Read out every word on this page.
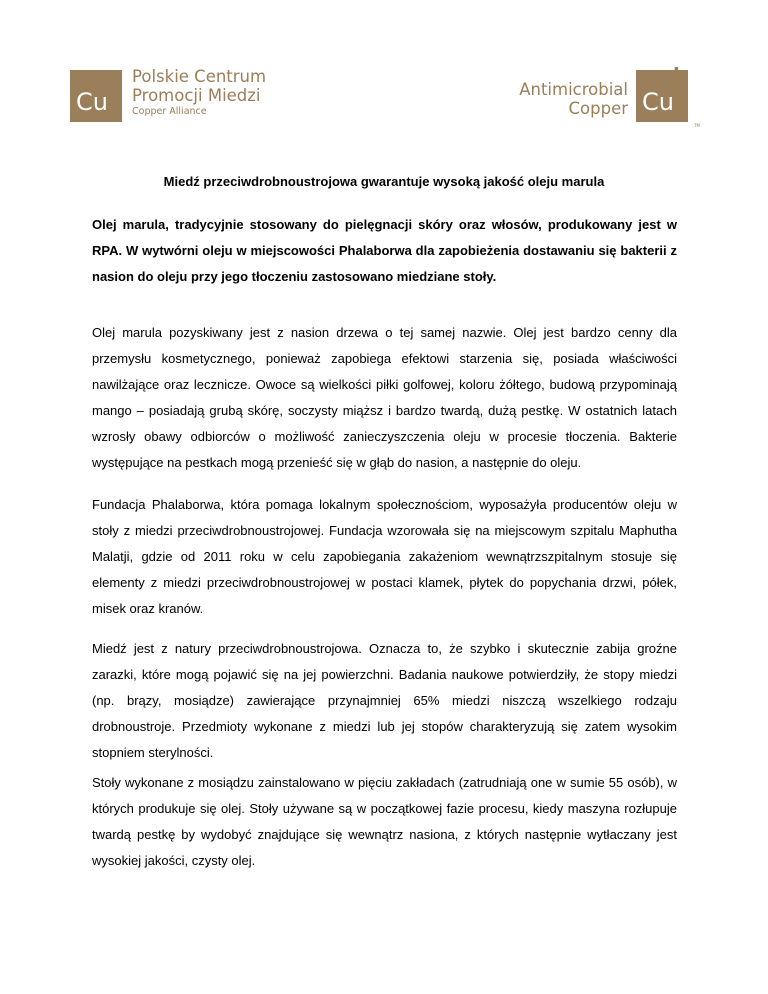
Cu
Polskie Centrum
Promocji Miedzi
Copper Alliance
Antimicrobial
Copper Cu
+
TM
Miedź przeciwdrobnoustrojowa gwarantuje wysoką jakość oleju marula
Olej marula, tradycyjnie stosowany do pielęgnacji skóry oraz włosów, produkowany jest w RPA. W wytwórni oleju w miejscowości Phalaborwa dla zapobieżenia dostawaniu się bakterii z nasion do oleju przy jego tłoczeniu zastosowano miedziane stoły.

Olej marula pozyskiwany jest z nasion drzewa o tej samej nazwie. Olej jest bardzo cenny dla przemysłu kosmetycznego, ponieważ zapobiega efektowi starzenia się, posiada właściwości nawilżające oraz lecznicze. Owoce są wielkości piłki golfowej, koloru żółtego, budową przypominają mango – posiadają grubą skórę, soczysty miąższ i bardzo twardą, dużą pestkę. W ostatnich latach wzrosły obawy odbiorców o możliwość zanieczyszczenia oleju w procesie tłoczenia. Bakterie występujące na pestkach mogą przenieść się w głąb do nasion, a następnie do oleju.

Fundacja Phalaborwa, która pomaga lokalnym społecznościom, wyposażyła producentów oleju w stoły z miedzi przeciwdrobnoustrojowej. Fundacja wzorowała się na miejscowym szpitalu Maphutha Malatji, gdzie od 2011 roku w celu zapobiegania zakażeniom wewnątrzszpitalnym stosuje się elementy z miedzi przeciwdrobnoustrojowej w postaci klamek, płytek do popychania drzwi, półek, misek oraz kranów.

Miedź jest z natury przeciwdrobnoustrojowa. Oznacza to, że szybko i skutecznie zabija groźne zarazki, które mogą pojawić się na jej powierzchni. Badania naukowe potwierdziły, że stopy miedzi (np. brązy, mosiądze) zawierające przynajmniej 65% miedzi niszczą wszelkiego rodzaju drobnoustroje. Przedmioty wykonane z miedzi lub jej stopów charakteryzują się zatem wysokim stopniem sterylności.

Stoły wykonane z mosiądzu zainstalowano w pięciu zakładach (zatrudniają one w sumie 55 osób), w których produkuje się olej. Stoły używane są w początkowej fazie procesu, kiedy maszyna rozłupuje twardą pestkę by wydobyć znajdujące się wewnątrz nasiona, z których następnie wytłaczany jest wysokiej jakości, czysty olej.
